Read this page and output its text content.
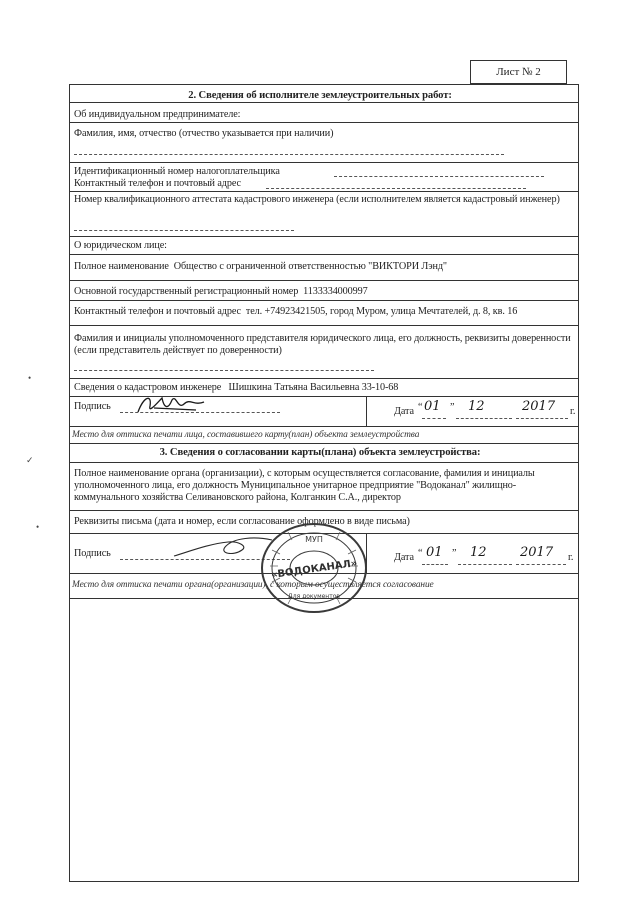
Лист № 2
2. Сведения об исполнителе землеустроительных работ:
Об индивидуальном предпринимателе:
Фамилия, имя, отчество (отчество указывается при наличии)
Идентификационный номер налогоплательщика
Контактный телефон и почтовый адрес
Номер квалификационного аттестата кадастрового инженера (если исполнителем является кадастровый инженер)
О юридическом лице:
Полное наименование Общество с ограниченной ответственностью "ВИКТОРИ Лэнд"
Основной государственный регистрационный номер 1133334000997
Контактный телефон и почтовый адрес тел. +74923421505, город Муром, улица Мечтателей, д. 8, кв. 16
Фамилия и инициалы уполномоченного представителя юридического лица, его должность, реквизиты доверенности (если представитель действует по доверенности)
Сведения о кадастровом инженере Шишкина Татьяна Васильевна 33-10-68
Подпись	Дата “ 01 ” 12	2017 г.
Место для оттиска печати лица, составившего карту(план) объекта землеустройства
3. Сведения о согласовании карты(плана) объекта землеустройства:
Полное наименование органа (организации), с которым осуществляется согласование, фамилия и инициалы уполномоченного лица, его должность Муниципальное унитарное предприятие "Водоканал" жилищно-коммунального хозяйства Селивановского района, Колганкин С.А., директор
Реквизиты письма (дата и номер, если согласование оформлено в виде письма)
Подпись	Дата “ 01 ” 12	2017 г.
Место для оттиска печати органа(организации), с которым осуществляется согласование
МУП
«ВОДОКАНАЛ»
Для документов
•
✓
•
